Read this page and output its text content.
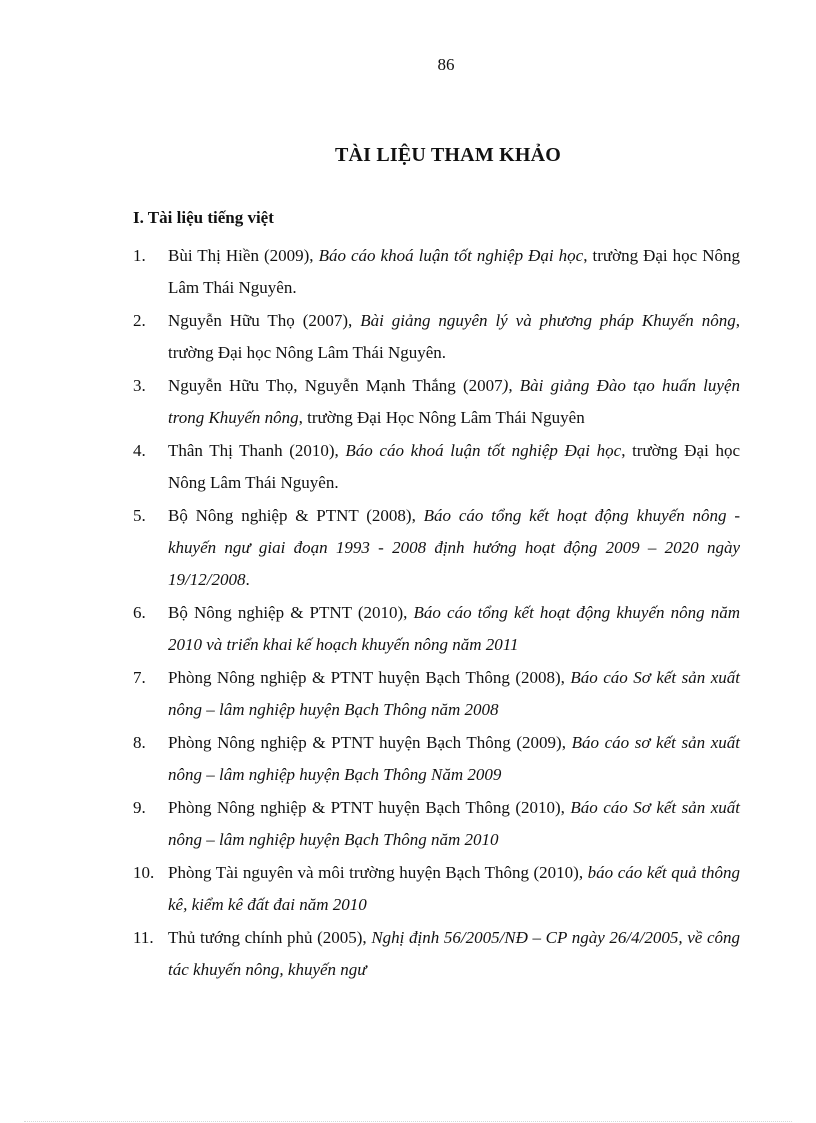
86
TÀI LIỆU THAM KHẢO
I. Tài liệu tiếng việt
1. Bùi Thị Hiền (2009), Báo cáo khoá luận tốt nghiệp Đại học, trường Đại học Nông Lâm Thái Nguyên.
2. Nguyễn Hữu Thọ (2007), Bài giảng nguyên lý và phương pháp Khuyến nông, trường Đại học Nông Lâm Thái Nguyên.
3. Nguyễn Hữu Thọ, Nguyễn Mạnh Thắng (2007), Bài giảng Đào tạo huấn luyện trong Khuyến nông, trường Đại Học Nông Lâm Thái Nguyên
4. Thân Thị Thanh (2010), Báo cáo khoá luận tốt nghiệp Đại học, trường Đại học Nông Lâm Thái Nguyên.
5. Bộ Nông nghiệp & PTNT (2008), Báo cáo tổng kết hoạt động khuyến nông - khuyến ngư giai đoạn 1993 - 2008 định hướng hoạt động 2009 – 2020 ngày 19/12/2008.
6. Bộ Nông nghiệp & PTNT (2010), Báo cáo tổng kết hoạt động khuyến nông năm 2010 và triển khai kế hoạch khuyến nông năm 2011
7. Phòng Nông nghiệp & PTNT huyện Bạch Thông (2008), Báo cáo Sơ kết sản xuất nông – lâm nghiệp huyện Bạch Thông năm 2008
8. Phòng Nông nghiệp & PTNT huyện Bạch Thông (2009), Báo cáo sơ kết sản xuất nông – lâm nghiệp huyện Bạch Thông Năm 2009
9. Phòng Nông nghiệp & PTNT huyện Bạch Thông (2010), Báo cáo Sơ kết sản xuất nông – lâm nghiệp huyện Bạch Thông năm 2010
10. Phòng Tài nguyên và môi trường huyện Bạch Thông (2010), báo cáo kết quả thông kê, kiểm kê đất đai năm 2010
11. Thủ tướng chính phủ (2005), Nghị định 56/2005/NĐ – CP ngày 26/4/2005, về công tác khuyến nông, khuyến ngư
